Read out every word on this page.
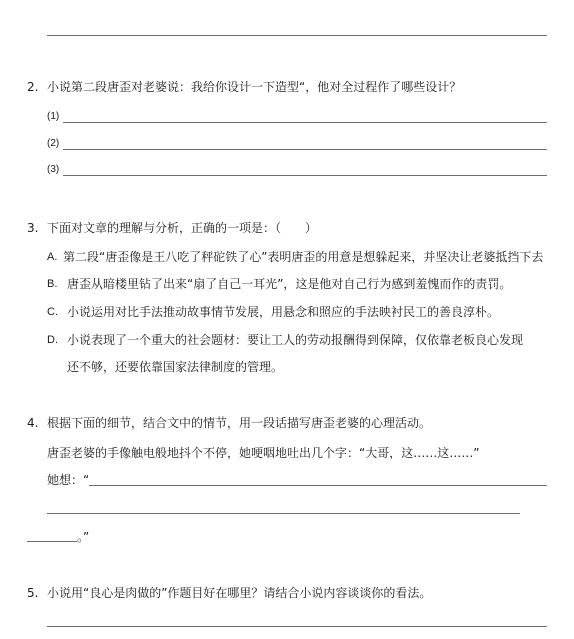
2. 小说第二段唐歪对老婆说：我给你设计一下造型“，他对全过程作了哪些设计？
(1)
(2)
(3)
3. 下面对文章的理解与分析，正确的一项是：（　　）
A. 第二段“唐歪像是王八吃了秤砣铁了心”表明唐歪的用意是想躲起来，并坚决让老婆抵挡下去
B. 唐歪从暗楼里钻了出来“扇了自己一耳光”，这是他对自己行为感到羞愧而作的责罚。
C. 小说运用对比手法推动故事情节发展，用悬念和照应的手法映衬民工的善良淳朴。
D. 小说表现了一个重大的社会题材：要让工人的劳动报酬得到保障，仅依靠老板良心发现
还不够，还要依靠国家法律制度的管理。
4. 根据下面的细节，结合文中的情节，用一段话描写唐歪老婆的心理活动。
唐歪老婆的手像触电般地抖个不停，她哽咽地吐出几个字：“大哥，这……这……”
她想：“
。”
5. 小说用“良心是肉做的”作题目好在哪里？请结合小说内容谈谈你的看法。
